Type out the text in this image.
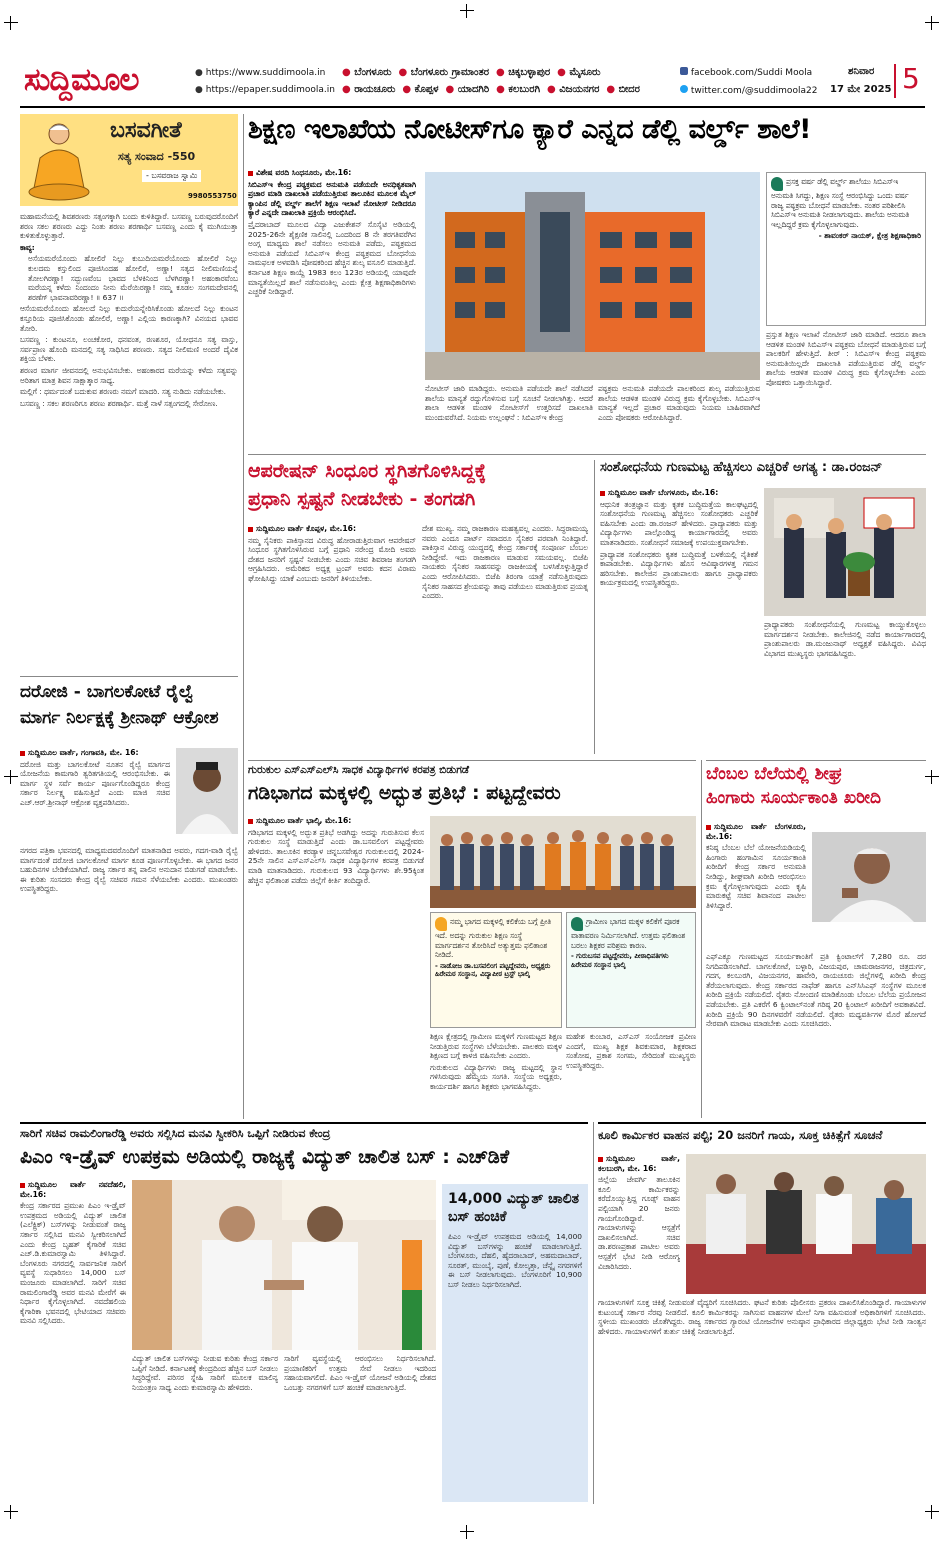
ಸುದ್ದಿಮೂಲ	● https://www.suddimoola.in
● https://epaper.suddimoola.in
● ಬೆಂಗಳೂರು ● ಬೆಂಗಳೂರು ಗ್ರಾಮಾಂತರ ● ಚಿಕ್ಕಬಳ್ಳಾಪುರ ● ಮೈಸೂರು
● ರಾಯಚೂರು ● ಕೊಪ್ಪಳ ● ಯಾದಗಿರಿ ● ಕಲಬುರಗಿ ● ವಿಜಯನಗರ ● ಬೀದರ
facebook.com/Suddi Moola
twitter.com/@suddimoola22
ಶನಿವಾರ
17 ಮೇ 2025 5
ಬಸವಗೀತೆ
ಸತ್ಯ ಸಂವಾದ -550
- ಬಸವರಾಜ ಸ್ವಾಮಿ
9980553750

ಮಹಾಮನೆಯಲ್ಲಿ ಶಿವಶರಣರು ಸತ್ಸಂಗಕ್ಕಾಗಿ ಬಂದು ಕುಳಿತಿದ್ದಾರೆ. ಬಸವಣ್ಣ ಬರುವುದರೊಂದಿಗೆ ಶರಣ ಸಕಲ ಶರಣರು ಎದ್ದು ನಿಂತು ಶರಣು ಶರಣಾರ್ಥಿ ಬಸವಣ್ಣ ಎಂದು ಕೈ ಮುಗಿಯುತ್ತಾ ಕುಳಿತುಕೊಳ್ಳುತ್ತಾರೆ.

ಕಾವ್ಯ:

ಅಸೆಯಮರೆಯೊಂದು ಹೋಲಿರೆ ನಿಲ್ಲು ಕುಬುದಿಯಮರೆಯೊಂದು ಹೋಲಿರೆ ನಿಲ್ಲು ಕುಲದಮ ಕಸ್ತುಲಿಂದ ಪೂಜಿಸಿಂದಹ ಹೋಲಿರೆ, ಅಣ್ಣಾ! ಸತ್ಯದ ನೀಲಿಮಣಿಯನ್ನೆ ತೋಲಗಿರಣ್ಣಾ! ಸದ್ಭುಣವೆಂಬ ಭಾವದ ಬೆಳಕಿನಿಂದ ಬೆಳಗಿರಣ್ಣಾ! ಅಹಂಕಾರವೆಂಬ ಮರೆಯನ್ನ ಕಳೆದು ನಿಂದಂದಂ ನೀನು ಮೆರೆಯಿರಣ್ಣಾ! ನಮ್ಮ ಕೂಡಲ ಸಂಗಮದೇವನಲ್ಲಿ ಶರಣೆಗ್ ಭಾವನಾವರಿರಣ್ಣಾ! ॥ 637 ॥

ಆಸೆಯಮರೆಯೊಂದು ಹೋಲದೆ ನಿಲ್ಲು ಕುದುರೆಯನ್ನೇರಿಸಿಕೊಂಡು ಹೋಲದೆ ನಿಲ್ಲು ಕುಂಟನ ಕಸ್ತೂರಿಯ ಪೂಜಿಸಿಕೊಂಡು ಹೋಲಿರೆ, ಅಣ್ಣಾ! ಎಲ್ಲಿಯ ಕಾರಣಕ್ಕಾಗಿ? ವಿನಯದ ಭಾವವ ತೋರಿ.

ಬಸವಣ್ಣ : ಕುಂಟನೂ, ಲಂಚಕೋರ, ಧನವಂತ, ರಣಶೂರ, ಯೋಧನೂ ಸತ್ಯ ವಾಸ್ತು, ಸರ್ವಪ್ರಾಣ ಹೊಂದಿ ಮನದಲ್ಲಿ ಸತ್ಯ ಸಾಧಿಸಿದ ಶರಣರು. ಸತ್ಯದ ನೀಲಿಮಣಿ ಅಂದರೆ ದೈವಿಕ ಶಕ್ತಿಯ ಬೆಳಕು.

ಶರಣರ ಮಾರ್ಗ ಜೀವನದಲ್ಲಿ ಅನುಭವಿಸಬೇಕು. ಅಹಂಕಾರದ ಮರೆಯನ್ನು ಕಳೆದು ಸತ್ಯವನ್ನು ಅರಿತಾಗ ಮಾತ್ರ ಶಿವನ ಸಾಕ್ಷಾತ್ಕಾರ ಸಾಧ್ಯ.

ಮಲ್ಲಿಗೆ : ಧರ್ಮದಂತೆ ಬದುಕುವ ಶರಣರು ನಮಗೆ ಮಾದರಿ. ಸತ್ಯ ನುಡಿದು ನಡೆಯಬೇಕು.

ಬಸವಣ್ಣ : ಸಕಲ ಶರಣರಿಗೂ ಶರಣು ಶರಣಾರ್ಥಿ. ಮತ್ತೆ ನಾಳೆ ಸತ್ಸಂಗದಲ್ಲಿ ಸೇರೋಣ.

ಶಿಕ್ಷಣ ಇಲಾಖೆಯ ನೋಟೀಸ್‌ಗೂ ಕ್ಯಾರೆ ಎನ್ನದ ಡೆಲ್ಲಿ ವರ್ಲ್ಡ್ ಶಾಲೆ!

ವಿಶೇಷ ವರದಿ ಸಿಂಧನೂರು, ಮೇ.16:

ಸಿಬಿಎಸ್‌ಇ ಕೇಂದ್ರ ಪಠ್ಯಕ್ರಮದ ಅನುಮತಿ ಪಡೆಯದೇ ಅನಧಿಕೃತವಾಗಿ ಪ್ರಚಾರ ಮಾಡಿ ದಾಖಲಾತಿ ಪಡೆಯುತ್ತಿರುವ ತಾಲೂಕಿನ ಮೂಲಕ ಮೈಲ್ ಕ್ಯಾಂಪಿನ ಡೆಲ್ಲಿ ವರ್ಲ್ಡ್ ಶಾಲೆಗೆ ಶಿಕ್ಷಣ ಇಲಾಖೆ ನೋಟೀಸ್ ನೀಡಿದರೂ ಕ್ಯಾರೆ ಎನ್ನದೇ ದಾಖಲಾತಿ ಪ್ರಕ್ರಿಯೆ ಆರಂಭಿಸಿದೆ.

ಪ್ರೈದರಾಬಾದ್ ಮೂಲದ ವಿದ್ಯಾ ಎಜುಕೇಶನ್ ಸೊಸೈಟಿ ಅಡಿಯಲ್ಲಿ 2025-26ನೇ ಶೈಕ್ಷಣಿಕ ಸಾಲಿನಲ್ಲಿ ಒಂದರಿಂದ 8 ನೇ ತರಗತಿವರೆಗಿನ ಅಂಗ್ಲ ಮಾಧ್ಯಮ ಶಾಲೆ ನಡೆಸಲು ಅನುಮತಿ ಪಡೆದು, ಪಠ್ಯಕ್ರಮದ ಅನುಮತಿ ಪಡೆಯದೆ ಸಿಬಿಎಸ್‌ಇ ಕೇಂದ್ರ ಪಠ್ಯಕ್ರಮದ ಬೋಧನೆಯ ನಾಮಫಲಕ ಅಳವಡಿಸಿ ಪೋಷಕರಿಂದ ಹೆಚ್ಚಿನ ಶುಲ್ಕ ವಸೂಲಿ ಮಾಡುತ್ತಿದೆ. ಕರ್ನಾಟಕ ಶಿಕ್ಷಣ ಕಾಯ್ದೆ 1983 ಕಲಂ 123ರ ಅಡಿಯಲ್ಲಿ ಯಾವುದೇ ಮಾನ್ಯತೆಯಿಲ್ಲದೆ ಶಾಲೆ ನಡೆಸುವಂತಿಲ್ಲ ಎಂದು ಕ್ಷೇತ್ರ ಶಿಕ್ಷಣಾಧಿಕಾರಿಗಳು ಎಚ್ಚರಿಕೆ ನೀಡಿದ್ದಾರೆ.

ನೋಟೀಸ್ ಜಾರಿ ಮಾಡಿದ್ದರು. ಅನುಮತಿ ಪಡೆಯದೇ ಶಾಲೆ ನಡೆಸಿದರೆ ಶಾಲೆಯ ಮಾನ್ಯತೆ ರದ್ದುಗೊಳಿಸುವ ಬಗ್ಗೆ ಸೂಚನೆ ನೀಡಲಾಗಿತ್ತು. ಆದರೆ ಶಾಲಾ ಆಡಳಿತ ಮಂಡಳಿ ನೋಟೀಸ್‌ಗೆ ಉತ್ತರಿಸದೆ ದಾಖಲಾತಿ ಮುಂದುವರೆಸಿದೆ. ನಿಯಮ ಉಲ್ಲಂಘನೆ : ಸಿಬಿಎಸ್‌ಇ ಕೇಂದ್ರ

ಪಠ್ಯಕ್ರಮ ಅನುಮತಿ ಪಡೆಯದೇ ಪಾಲಕರಿಂದ ಶುಲ್ಕ ಪಡೆಯುತ್ತಿರುವ ಶಾಲೆಯ ಆಡಳಿತ ಮಂಡಳಿ ವಿರುದ್ಧ ಕ್ರಮ ಕೈಗೊಳ್ಳಬೇಕು. ಸಿಬಿಎಸ್‌ಇ ಮಾನ್ಯತೆ ಇಲ್ಲದೆ ಪ್ರಚಾರ ಮಾಡುವುದು ನಿಯಮ ಬಾಹಿರವಾಗಿದೆ ಎಂದು ಪೋಷಕರು ಆರೋಪಿಸಿದ್ದಾರೆ.

ಪ್ರಸಕ್ತ ವರ್ಷ ಡೆಲ್ಲಿ ವರ್ಲ್ಡ್ ಶಾಲೆಯು ಸಿಬಿಎಸ್‌ಇ ಅನುಮತಿ ಸಿಗದ್ದು, ಶಿಕ್ಷಣ ಸಂಸ್ಥೆ ಆರಂಭಿಸಿದ್ದು ಒಂದು ವರ್ಷ ರಾಜ್ಯ ಪಠ್ಯಕ್ರಮ ಬೋಧನೆ ಮಾಡಬೇಕು. ನಂತರ ಪರಿಶೀಲಿಸಿ ಸಿಬಿಎಸ್‌ಇ ಅನುಮತಿ ನೀಡಲಾಗುವುದು. ಶಾಲೆಯ ಅನುಮತಿ ಇಲ್ಲದಿದ್ದರೆ ಕ್ರಮ ಕೈಗೊಳ್ಳಲಾಗುವುದು.
- ಶಾವಂಕರ್ ನಾಯಕ್, ಕ್ಷೇತ್ರ ಶಿಕ್ಷಣಾಧಿಕಾರಿ

ಪ್ರಸ್ತುತ ಶಿಕ್ಷಣ ಇಲಾಖೆ ನೋಟೀಸ್ ಜಾರಿ ಮಾಡಿದೆ. ಆದರೂ ಶಾಲಾ ಆಡಳಿತ ಮಂಡಳಿ ಸಿಬಿಎಸ್‌ಇ ಪಠ್ಯಕ್ರಮ ಬೋಧನೆ ಮಾಡುತ್ತಿರುವ ಬಗ್ಗೆ ಪಾಲಕರಿಗೆ ಹೇಳುತ್ತಿದೆ. ತೀರ್ : ಸಿಬಿಎಸ್‌ಇ ಕೇಂದ್ರ ಪಠ್ಯಕ್ರಮ ಅನುಮತಿಯಿಲ್ಲದೇ ದಾಖಲಾತಿ ಪಡೆಯುತ್ತಿರುವ ಡೆಲ್ಲಿ ವರ್ಲ್ಡ್ ಶಾಲೆಯ ಆಡಳಿತ ಮಂಡಳಿ ವಿರುದ್ಧ ಕ್ರಮ ಕೈಗೊಳ್ಳಬೇಕು ಎಂದು ಪೋಷಕರು ಒತ್ತಾಯಿಸಿದ್ದಾರೆ.

ಆಪರೇಷನ್ ಸಿಂಧೂರ ಸ್ಥಗಿತಗೊಳಿಸಿದ್ದಕ್ಕೆ
ಪ್ರಧಾನಿ ಸ್ಪಷ್ಟನೆ ನೀಡಬೇಕು - ತಂಗಡಗಿ

ಸುದ್ದಿಮೂಲ ವಾರ್ತೆ ಕೊಪ್ಪಳ, ಮೇ.16:

ನಮ್ಮ ಸೈನಿಕರು ಪಾಕಿಸ್ತಾನದ ವಿರುದ್ಧ ಹೋರಾಡುತ್ತಿರುವಾಗ ಆಪರೇಷನ್ ಸಿಂಧೂರ ಸ್ಥಗಿತಗೊಳಿಸಿರುವ ಬಗ್ಗೆ ಪ್ರಧಾನಿ ನರೇಂದ್ರ ಮೋದಿ ಅವರು ದೇಶದ ಜನರಿಗೆ ಸ್ಪಷ್ಟನೆ ನೀಡಬೇಕು ಎಂದು ಸಚಿವ ಶಿವರಾಜ ತಂಗಡಗಿ ಆಗ್ರಹಿಸಿದರು. ಅಮೆರಿಕದ ಅಧ್ಯಕ್ಷ ಟ್ರಂಪ್ ಅವರು ಕದನ ವಿರಾಮ ಘೋಷಿಸಿದ್ದು ಯಾಕೆ ಎಂಬುದು ಜನರಿಗೆ ತಿಳಿಯಬೇಕು.

ದೇಶ ಮುಖ್ಯ. ನಮ್ಮ ರಾಜಕಾರಣ ಮಹತ್ವವಲ್ಲ ಎಂದರು. ಸಿದ್ಧರಾಮಯ್ಯ ನವರು ಎಂದೂ ಪಾರ್ಟ್‌ ನವಾದರೂ ಸೈನಿಕರ ಪರವಾಗಿ ನಿಂತಿದ್ದಾರೆ. ಪಾಕಿಸ್ತಾನ ವಿರುದ್ಧ ಯುದ್ಧದಲ್ಲಿ ಕೇಂದ್ರ ಸರ್ಕಾರಕ್ಕೆ ಸಂಪೂರ್ಣ ಬೆಂಬಲ ನೀಡಿದ್ದೇವೆ. ಇದು ರಾಜಕಾರಣ ಮಾಡುವ ಸಮಯವಲ್ಲ. ಬಿಜೆಪಿ ನಾಯಕರು ಸೈನಿಕರ ಸಾಹಸವನ್ನು ರಾಜಕೀಯಕ್ಕೆ ಬಳಸಿಕೊಳ್ಳುತ್ತಿದ್ದಾರೆ ಎಂದು ಆರೋಪಿಸಿದರು. ಬಿಜೆಪಿ ತಿರಂಗಾ ಯಾತ್ರೆ ನಡೆಸುತ್ತಿರುವುದು ಸೈನಿಕರ ಸಾಹಸದ ಶ್ರೇಯವನ್ನು ತಾವು ಪಡೆಯಲು ಮಾಡುತ್ತಿರುವ ಪ್ರಯತ್ನ ಎಂದರು.

ಸಂಶೋಧನೆಯ ಗುಣಮಟ್ಟ ಹೆಚ್ಚಿಸಲು ಎಚ್ಚರಿಕೆ ಅಗತ್ಯ : ಡಾ.ರಂಜನ್

ಸುದ್ದಿಮೂಲ ವಾರ್ತೆ ಬೆಂಗಳೂರು, ಮೇ.16:

ಆಧುನಿಕ ತಂತ್ರಜ್ಞಾನ ಮತ್ತು ಕೃತಕ ಬುದ್ಧಿಮತ್ತೆಯ ಕಾಲಘಟ್ಟದಲ್ಲಿ ಸಂಶೋಧನೆಯ ಗುಣಮಟ್ಟ ಹೆಚ್ಚಿಸಲು ಸಂಶೋಧಕರು ಎಚ್ಚರಿಕೆ ವಹಿಸಬೇಕು ಎಂದು ಡಾ.ರಂಜನ್ ಹೇಳಿದರು. ಪ್ರಾದ್ಯಾಪಕರು ಮತ್ತು ವಿದ್ಯಾರ್ಥಿಗಳು ಪಾಲ್ಗೊಂಡಿದ್ದ ಕಾರ್ಯಾಗಾರದಲ್ಲಿ ಅವರು ಮಾತನಾಡಿದರು. ಸಂಶೋಧನೆ ಸಮಾಜಕ್ಕೆ ಉಪಯುಕ್ತವಾಗಬೇಕು.

ಪ್ರಾಧ್ಯಾಪಕ ಸಂಶೋಧಕರು ಕೃತಕ ಬುದ್ಧಿಮತ್ತೆ ಬಳಕೆಯಲ್ಲಿ ನೈತಿಕತೆ ಕಾಪಾಡಬೇಕು. ವಿದ್ಯಾರ್ಥಿಗಳು ಹೊಸ ಆವಿಷ್ಕಾರಗಳತ್ತ ಗಮನ ಹರಿಸಬೇಕು. ಕಾಲೇಜಿನ ಪ್ರಾಂಶುಪಾಲರು ಹಾಗೂ ಪ್ರಾಧ್ಯಾಪಕರು ಕಾರ್ಯಕ್ರಮದಲ್ಲಿ ಉಪಸ್ಥಿತರಿದ್ದರು.

ಪ್ರಾಧ್ಯಾಪಕರು ಸಂಶೋಧನೆಯಲ್ಲಿ ಗುಣಮಟ್ಟ ಕಾಯ್ದುಕೊಳ್ಳಲು ಮಾರ್ಗದರ್ಶನ ನೀಡಬೇಕು. ಕಾಲೇಜಿನಲ್ಲಿ ನಡೆದ ಕಾರ್ಯಾಗಾರದಲ್ಲಿ ಪ್ರಾಂಶುಪಾಲರು ಡಾ.ಮಂಜುನಾಥ್ ಅಧ್ಯಕ್ಷತೆ ವಹಿಸಿದ್ದರು. ವಿವಿಧ ವಿಭಾಗದ ಮುಖ್ಯಸ್ಥರು ಭಾಗವಹಿಸಿದ್ದರು.

ದರೋಜಿ - ಬಾಗಲಕೋಟೆ ರೈಲ್ವೆ
ಮಾರ್ಗ ನಿರ್ಲಕ್ಷಕ್ಕೆ ಶ್ರೀನಾಥ್ ಆಕ್ರೋಶ

ಸುದ್ದಿಮೂಲ ವಾರ್ತೆ, ಗಂಗಾವತಿ, ಮೇ. 16:

ದರೋಜಿ ಮತ್ತು ಬಾಗಲಕೋಟೆ ನೂತನ ರೈಲ್ವೆ ಮಾರ್ಗದ ಯೋಜನೆಯ ಕಾಮಗಾರಿ ತ್ವರಿತಗತಿಯಲ್ಲಿ ಆರಂಭಿಸಬೇಕು. ಈ ಮಾರ್ಗ ಸ್ಥಳ ಸರ್ವೆ ಕಾರ್ಯ ಪೂರ್ಣಗೊಂಡಿದ್ದರೂ ಕೇಂದ್ರ ಸರ್ಕಾರ ನಿರ್ಲಕ್ಷ್ಯ ವಹಿಸುತ್ತಿದೆ ಎಂದು ಮಾಜಿ ಸಚಿವ ಎಚ್.ಆರ್.ಶ್ರೀನಾಥ್ ಆಕ್ರೋಶ ವ್ಯಕ್ತಪಡಿಸಿದರು.

ನಗರದ ಪತ್ರಿಕಾ ಭವನದಲ್ಲಿ ಮಾಧ್ಯಮದವರೊಂದಿಗೆ ಮಾತನಾಡಿದ ಅವರು, ಗದಗ-ವಾಡಿ ರೈಲ್ವೆ ಮಾರ್ಗದಂತೆ ದರೋಜಿ ಬಾಗಲಕೋಟೆ ಮಾರ್ಗ ಕೂಡ ಪೂರ್ಣಗೊಳ್ಳಬೇಕು. ಈ ಭಾಗದ ಜನರ ಬಹುದಿನಗಳ ಬೇಡಿಕೆಯಾಗಿದೆ. ರಾಜ್ಯ ಸರ್ಕಾರ ತನ್ನ ಪಾಲಿನ ಅನುದಾನ ಬಿಡುಗಡೆ ಮಾಡಬೇಕು. ಈ ಕುರಿತು ಸಂಸದರು ಕೇಂದ್ರ ರೈಲ್ವೆ ಸಚಿವರ ಗಮನ ಸೆಳೆಯಬೇಕು ಎಂದರು. ಮುಖಂಡರು ಉಪಸ್ಥಿತರಿದ್ದರು.

ಗುರುಕುಲ ಎಸ್‌ಎಸ್‌ಎಲ್‌ಸಿ ಸಾಧಕ ವಿದ್ಯಾರ್ಥಿಗಳ ಕರಪತ್ರ ಬಿಡುಗಡೆ
ಗಡಿಭಾಗದ ಮಕ್ಕಳಲ್ಲಿ ಅದ್ಭುತ ಪ್ರತಿಭೆ : ಪಟ್ಟದ್ದೇವರು

ಸುದ್ದಿಮೂಲ ವಾರ್ತೆ ಭಾಲ್ಕಿ, ಮೇ.16:

ಗಡಿಭಾಗದ ಮಕ್ಕಳಲ್ಲಿ ಅದ್ಭುತ ಪ್ರತಿಭೆ ಅಡಗಿದ್ದು ಅದನ್ನು ಗುರುತಿಸುವ ಕೆಲಸ ಗುರುಕುಲ ಸಂಸ್ಥೆ ಮಾಡುತ್ತಿದೆ ಎಂದು ಡಾ.ಬಸವಲಿಂಗ ಪಟ್ಟದ್ದೇವರು ಹೇಳಿದರು. ತಾಲೂಕಿನ ಕರಡ್ಯಾಳ ಚನ್ನಬಸವೇಶ್ವರ ಗುರುಕುಲದಲ್ಲಿ 2024-25ನೇ ಸಾಲಿನ ಎಸ್‌ಎಸ್‌ಎಲ್‌ಸಿ ಸಾಧಕ ವಿದ್ಯಾರ್ಥಿಗಳ ಕರಪತ್ರ ಬಿಡುಗಡೆ ಮಾಡಿ ಮಾತನಾಡಿದರು. ಗುರುಕುಲದ 93 ವಿದ್ಯಾರ್ಥಿಗಳು ಶೇ.95ಕ್ಕಿಂತ ಹೆಚ್ಚಿನ ಫಲಿತಾಂಶ ಪಡೆದು ಜಿಲ್ಲೆಗೆ ಕೀರ್ತಿ ತಂದಿದ್ದಾರೆ.

ನಮ್ಮ ಭಾಗದ ಮಕ್ಕಳಲ್ಲಿ ಕಲಿಕೆಯ ಬಗ್ಗೆ ಪ್ರೀತಿ ಇದೆ. ಅದನ್ನು ಗುರುಕುಲ ಶಿಕ್ಷಣ ಸಂಸ್ಥೆ ಮಾರ್ಗದರ್ಶನ ತೋರಿಸಿದೆ ಅತ್ಯುತ್ತಮ ಫಲಿತಾಂಶ ನೀಡಿದೆ.
- ನಾಡೋಜ ಡಾ.ಬಸವಲಿಂಗ ಪಟ್ಟದ್ದೇವರು, ಅಧ್ಯಕ್ಷರು ಹಿರೇಮಠ ಸಂಸ್ಥಾನ, ವಿದ್ಯಾಪೀಠ ಟ್ರಸ್ಟ್ ಭಾಲ್ಕಿ
ಗ್ರಾಮೀಣ ಭಾಗದ ಮಕ್ಕಳ ಕಲಿಕೆಗೆ ಪೂರಕ ವಾತಾವರಣ ನಿರ್ಮಿಸಲಾಗಿದೆ. ಉತ್ತಮ ಫಲಿತಾಂಶ ಬರಲು ಶಿಕ್ಷಕರ ಪರಿಶ್ರಮ ಕಾರಣ.
- ಗುರುಬಸವ ಪಟ್ಟದ್ದೇವರು, ಪೀಠಾಧಿಪತಿಗಳು ಹಿರೇಮಠ ಸಂಸ್ಥಾನ ಭಾಲ್ಕಿ

ಶಿಕ್ಷಣ ಕ್ಷೇತ್ರದಲ್ಲಿ ಗ್ರಾಮೀಣ ಮಕ್ಕಳಿಗೆ ಗುಣಮಟ್ಟದ ಶಿಕ್ಷಣ ನೀಡುತ್ತಿರುವ ಸಂಸ್ಥೆಗಳು ಬೆಳೆಯಬೇಕು. ಪಾಲಕರು ಮಕ್ಕಳ ಶಿಕ್ಷಣದ ಬಗ್ಗೆ ಕಾಳಜಿ ವಹಿಸಬೇಕು ಎಂದರು.

ಗುರುಕುಲದ ವಿದ್ಯಾರ್ಥಿಗಳು ರಾಜ್ಯ ಮಟ್ಟದಲ್ಲಿ ಸ್ಥಾನ ಗಳಿಸಿರುವುದು ಹೆಮ್ಮೆಯ ಸಂಗತಿ. ಸಂಸ್ಥೆಯ ಅಧ್ಯಕ್ಷರು, ಕಾರ್ಯದರ್ಶಿ ಹಾಗೂ ಶಿಕ್ಷಕರು ಭಾಗವಹಿಸಿದ್ದರು.

ಮಹೇಶ ಕುಂಬಾರ, ಎಸ್ಎಸ್ ಸಂಯೋಜಕ ಪ್ರವೀಣ ಎಂದಗೆ, ಮುಖ್ಯ ಶಿಕ್ಷಕ ಶಿವಕುಮಾರ, ಶಿಕ್ಷಕರಾದ ಸಂತೋಷ, ಪ್ರಕಾಶ ಸಂಗಮ, ಸೇರಿದಂತೆ ಮುಖ್ಯಸ್ಥರು ಉಪಸ್ಥಿತರಿದ್ದರು.

ಬೆಂಬಲ ಬೆಲೆಯಲ್ಲಿ ಶೀಘ್ರ
ಹಿಂಗಾರು ಸೂರ್ಯಕಾಂತಿ ಖರೀದಿ

ಸುದ್ದಿಮೂಲ ವಾರ್ತೆ ಬೆಂಗಳೂರು, ಮೇ.16:

ಕನಿಷ್ಠ ಬೆಂಬಲ ಬೆಲೆ ಯೋಜನೆಯಡಿಯಲ್ಲಿ ಹಿಂಗಾರು ಹಂಗಾಮಿನ ಸೂರ್ಯಕಾಂತಿ ಖರೀದಿಗೆ ಕೇಂದ್ರ ಸರ್ಕಾರ ಅನುಮತಿ ನೀಡಿದ್ದು, ಶೀಘ್ರವಾಗಿ ಖರೀದಿ ಆರಂಭಿಸಲು ಕ್ರಮ ಕೈಗೊಳ್ಳಲಾಗುವುದು ಎಂದು ಕೃಷಿ ಮಾರುಕಟ್ಟೆ ಸಚಿವ ಶಿವಾನಂದ ಪಾಟೀಲ ತಿಳಿಸಿದ್ದಾರೆ.

ಎಫ್‌ಎಕ್ಯೂ ಗುಣಮಟ್ಟದ ಸೂರ್ಯಕಾಂತಿಗೆ ಪ್ರತಿ ಕ್ವಿಂಟಾಲ್‌ಗೆ 7,280 ರೂ. ದರ ನಿಗದಿಪಡಿಸಲಾಗಿದೆ. ಬಾಗಲಕೋಟೆ, ಬಳ್ಳಾರಿ, ವಿಜಯಪುರ, ಚಾಮರಾಜನಗರ, ಚಿತ್ರದುರ್ಗ, ಗದಗ, ಕಲಬುರಗಿ, ವಿಜಯನಗರ, ಹಾವೇರಿ, ರಾಯಚೂರು ಜಿಲ್ಲೆಗಳಲ್ಲಿ ಖರೀದಿ ಕೇಂದ್ರ ತೆರೆಯಲಾಗುವುದು. ಕೇಂದ್ರ ಸರ್ಕಾರದ ನಾಫೆಡ್ ಹಾಗೂ ಎನ್‌ಸಿಸಿಎಫ್ ಸಂಸ್ಥೆಗಳ ಮೂಲಕ ಖರೀದಿ ಪ್ರಕ್ರಿಯೆ ನಡೆಯಲಿದೆ. ರೈತರು ನೋಂದಣಿ ಮಾಡಿಕೊಂಡು ಬೆಂಬಲ ಬೆಲೆಯ ಪ್ರಯೋಜನ ಪಡೆಯಬೇಕು. ಪ್ರತಿ ಎಕರೆಗೆ 6 ಕ್ವಿಂಟಾಲ್‌ನಂತೆ ಗರಿಷ್ಠ 20 ಕ್ವಿಂಟಾಲ್ ಖರೀದಿಗೆ ಅವಕಾಶವಿದೆ. ಖರೀದಿ ಪ್ರಕ್ರಿಯೆ 90 ದಿನಗಳವರೆಗೆ ನಡೆಯಲಿದೆ. ರೈತರು ಮಧ್ಯವರ್ತಿಗಳ ಮೊರೆ ಹೋಗದೆ ನೇರವಾಗಿ ಮಾರಾಟ ಮಾಡಬೇಕು ಎಂದು ಸೂಚಿಸಿದರು.

ಸಾರಿಗೆ ಸಚಿವ ರಾಮಲಿಂಗಾರೆಡ್ಡಿ ಅವರು ಸಲ್ಲಿಸಿದ ಮನವಿ ಸ್ವೀಕರಿಸಿ ಒಪ್ಪಿಗೆ ನೀಡಿರುವ ಕೇಂದ್ರ
ಪಿಎಂ ಇ-ಡ್ರೈವ್ ಉಪಕ್ರಮ ಅಡಿಯಲ್ಲಿ ರಾಜ್ಯಕ್ಕೆ ವಿದ್ಯುತ್ ಚಾಲಿತ ಬಸ್ : ಎಚ್‌ಡಿಕೆ

ಸುದ್ದಿಮೂಲ ವಾರ್ತೆ ನವದೆಹಲಿ, ಮೇ.16:

ಕೇಂದ್ರ ಸರ್ಕಾರದ ಪ್ರಮುಖ ಪಿಎಂ ಇ-ಡ್ರೈವ್ ಉಪಕ್ರಮದ ಅಡಿಯಲ್ಲಿ ವಿದ್ಯುತ್ ಚಾಲಿತ (ಎಲೆಕ್ಟ್ರಿಕ್) ಬಸ್‌ಗಳನ್ನು ನೀಡುವಂತೆ ರಾಜ್ಯ ಸರ್ಕಾರ ಸಲ್ಲಿಸಿದ ಮನವಿ ಸ್ವೀಕರಿಸಲಾಗಿದೆ ಎಂದು ಕೇಂದ್ರ ಬೃಹತ್ ಕೈಗಾರಿಕೆ ಸಚಿವ ಎಚ್.ಡಿ.ಕುಮಾರಸ್ವಾಮಿ ತಿಳಿಸಿದ್ದಾರೆ. ಬೆಂಗಳೂರು ನಗರದಲ್ಲಿ ಸಾರ್ವಜನಿಕ ಸಾರಿಗೆ ವ್ಯವಸ್ಥೆ ಸುಧಾರಿಸಲು 14,000 ಬಸ್ ಮಂಜೂರು ಮಾಡಲಾಗಿದೆ. ಸಾರಿಗೆ ಸಚಿವ ರಾಮಲಿಂಗಾರೆಡ್ಡಿ ಅವರ ಮನವಿ ಮೇರೆಗೆ ಈ ನಿರ್ಧಾರ ಕೈಗೊಳ್ಳಲಾಗಿದೆ. ನವದೆಹಲಿಯ ಕೈಗಾರಿಕಾ ಭವನದಲ್ಲಿ ಭೇಟಿಯಾದ ಸಚಿವರು ಮನವಿ ಸಲ್ಲಿಸಿದರು.

ವಿದ್ಯುತ್ ಚಾಲಿತ ಬಸ್‌ಗಳನ್ನು ನೀಡುವ ಕುರಿತು ಕೇಂದ್ರ ಸರ್ಕಾರ ಒಪ್ಪಿಗೆ ನೀಡಿದೆ. ಕರ್ನಾಟಕಕ್ಕೆ ಕೇಂದ್ರದಿಂದ ಹೆಚ್ಚಿನ ಬಸ್ ನೀಡಲು ಸಿದ್ಧರಿದ್ದೇವೆ. ಪರಿಸರ ಸ್ನೇಹಿ ಸಾರಿಗೆ ಮೂಲಕ ಮಾಲಿನ್ಯ ನಿಯಂತ್ರಣ ಸಾಧ್ಯ ಎಂದು ಕುಮಾರಸ್ವಾಮಿ ಹೇಳಿದರು.

ಸಾರಿಗೆ ವ್ಯವಸ್ಥೆಯಲ್ಲಿ ಆರಂಭಿಸಲು ನಿರ್ಧರಿಸಲಾಗಿದೆ. ಪ್ರಯಾಣಿಕರಿಗೆ ಉತ್ತಮ ಸೇವೆ ನೀಡಲು ಇದರಿಂದ ಸಹಾಯವಾಗಲಿದೆ. ಪಿಎಂ ಇ-ಡ್ರೈವ್ ಯೋಜನೆ ಅಡಿಯಲ್ಲಿ ದೇಶದ ಒಂಬತ್ತು ನಗರಗಳಿಗೆ ಬಸ್ ಹಂಚಿಕೆ ಮಾಡಲಾಗುತ್ತಿದೆ.

14,000 ವಿದ್ಯುತ್ ಚಾಲಿತ ಬಸ್ ಹಂಚಿಕೆ
ಪಿಎಂ ಇ-ಡ್ರೈವ್ ಉಪಕ್ರಮದ ಅಡಿಯಲ್ಲಿ 14,000 ವಿದ್ಯುತ್ ಬಸ್‌ಗಳನ್ನು ಹಂಚಿಕೆ ಮಾಡಲಾಗುತ್ತಿದೆ. ಬೆಂಗಳೂರು, ದೆಹಲಿ, ಹೈದರಾಬಾದ್, ಅಹಮದಾಬಾದ್, ಸೂರತ್, ಮುಂಬೈ, ಪುಣೆ, ಕೋಲ್ಕತ್ತಾ, ಚೆನ್ನೈ ನಗರಗಳಿಗೆ ಈ ಬಸ್ ನೀಡಲಾಗುವುದು. ಬೆಂಗಳೂರಿಗೆ 10,900 ಬಸ್ ನೀಡಲು ನಿರ್ಧರಿಸಲಾಗಿದೆ.
ಕೂಲಿ ಕಾರ್ಮಿಕರ ವಾಹನ ಪಲ್ಟಿ; 20 ಜನರಿಗೆ ಗಾಯ, ಸೂಕ್ತ ಚಿಕಿತ್ಸೆಗೆ ಸೂಚನೆ

ಸುದ್ದಿಮೂಲ ವಾರ್ತೆ, ಕಲಬುರಗಿ, ಮೇ. 16:

ಜಿಲ್ಲೆಯ ಜೇವರ್ಗಿ ತಾಲೂಕಿನ ಕೂಲಿ ಕಾರ್ಮಿಕರನ್ನು ಕರೆದೊಯ್ಯುತ್ತಿದ್ದ ಗೂಡ್ಸ್ ವಾಹನ ಪಲ್ಟಿಯಾಗಿ 20 ಜನರು ಗಾಯಗೊಂಡಿದ್ದಾರೆ. ಗಾಯಾಳುಗಳನ್ನು ಆಸ್ಪತ್ರೆಗೆ ದಾಖಲಿಸಲಾಗಿದೆ. ಸಚಿವ ಡಾ.ಶರಣಪ್ರಕಾಶ ಪಾಟೀಲ ಅವರು ಆಸ್ಪತ್ರೆಗೆ ಭೇಟಿ ನೀಡಿ ಆರೋಗ್ಯ ವಿಚಾರಿಸಿದರು.

ಗಾಯಾಳುಗಳಿಗೆ ಸೂಕ್ತ ಚಿಕಿತ್ಸೆ ನೀಡುವಂತೆ ವೈದ್ಯರಿಗೆ ಸೂಚಿಸಿದರು. ಘಟನೆ ಕುರಿತು ಪೊಲೀಸರು ಪ್ರಕರಣ ದಾಖಲಿಸಿಕೊಂಡಿದ್ದಾರೆ. ಗಾಯಾಳುಗಳ ಕುಟುಂಬಕ್ಕೆ ಸರ್ಕಾರ ನೆರವು ನೀಡಲಿದೆ. ಕೂಲಿ ಕಾರ್ಮಿಕರನ್ನು ಸಾಗಿಸುವ ವಾಹನಗಳ ಮೇಲೆ ನಿಗಾ ವಹಿಸುವಂತೆ ಅಧಿಕಾರಿಗಳಿಗೆ ಸೂಚಿಸಿದರು. ಸ್ಥಳೀಯ ಮುಖಂಡರು ಜೊತೆಗಿದ್ದರು. ರಾಜ್ಯ ಸರ್ಕಾರದ ಗ್ಯಾರಂಟಿ ಯೋಜನೆಗಳ ಅನುಷ್ಠಾನ ಪ್ರಾಧಿಕಾರದ ಜಿಲ್ಲಾಧ್ಯಕ್ಷರು ಭೇಟಿ ನೀಡಿ ಸಾಂತ್ವನ ಹೇಳಿದರು. ಗಾಯಾಳುಗಳಿಗೆ ತುರ್ತು ಚಿಕಿತ್ಸೆ ನೀಡಲಾಗುತ್ತಿದೆ.
